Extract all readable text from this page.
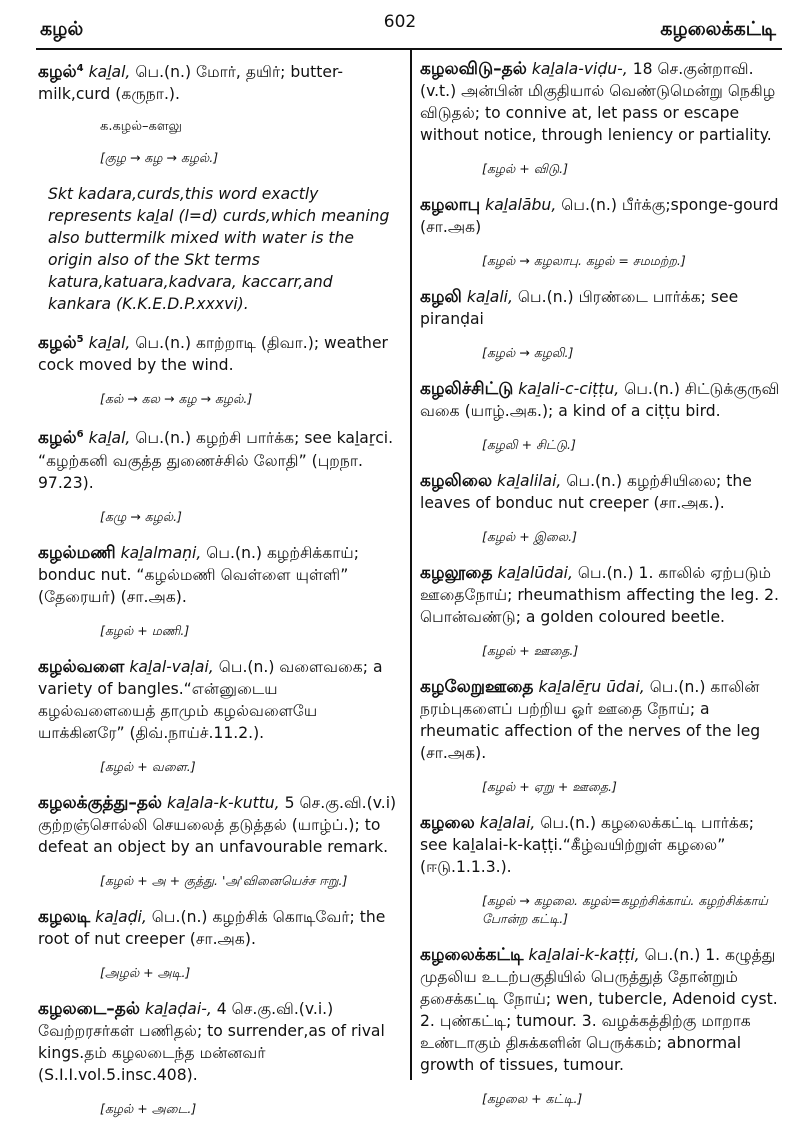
கழல்	602	கழலைக்கட்டி
கழல்$^4$ kaḻal, பெ.(n.) மோர், தயிர்; butter-milk,curd (கருநா.).
க.கழல்–களலு
[குழ → கழ → கழல்.]
Skt kadara,curds,this word exactly represents kaḻal (l=d) curds,which meaning also buttermilk mixed with water is the origin also of the Skt terms katura,katuara,kadvara, kaccarr,and kankara (K.K.E.D.P.xxxvi).
கழல்$^5$ kaḻal, பெ.(n.) காற்றாடி (திவா.); weather cock moved by the wind.
[கல் → கல → கழ → கழல்.]
கழல்$^6$ kaḻal, பெ.(n.) கழற்சி பார்க்க; see kaḻaṟci. “கழற்கனி வகுத்த துணைச்சில் லோதி” (புறநா. 97.23).
[கழு → கழல்.]
கழல்மணி kaḻalmaṇi, பெ.(n.) கழற்சிக்காய்; bonduc nut. “கழல்மணி வெள்ளை யுள்ளி” (தேரையர்) (சா.அக).
[கழல் + மணி.]
கழல்வளை kaḻal-vaḷai, பெ.(n.) வளைவகை; a variety of bangles.“என்னுடைய கழல்வளையைத் தாமும் கழல்வளையே யாக்கினரே” (திவ்.நாய்ச்.11.2.).
[கழல் + வளை.]
கழலக்குத்து–தல் kaḻala-k-kuttu, 5 செ.கு.வி.(v.i) குற்றஞ்சொல்லி செயலைத் தடுத்தல் (யாழ்ப்.); to defeat an object by an unfavourable remark.
[கழல் + அ + குத்து. 'அ'வினையெச்ச ஈறு.]
கழலடி kaḻaḍi, பெ.(n.) கழற்சிக் கொடிவேர்; the root of nut creeper (சா.அக).
[அழல் + அடி.]
கழலடை–தல் kaḻaḍai-, 4 செ.கு.வி.(v.i.) வேற்றரசர்கள் பணிதல்; to surrender,as of rival kings.தம் கழலடைந்த மன்னவர் (S.I.I.vol.5.insc.408).
[கழல் + அடை.]
கழலவிடு–தல் kaḻala-viḍu-, 18 செ.குன்றாவி.(v.t.) அன்பின் மிகுதியால் வெண்டுமென்று நெகிழ விடுதல்; to connive at, let pass or escape without notice, through leniency or partiality.
[கழல் + விடு.]
கழலாபு kaḻalābu, பெ.(n.) பீர்க்கு;sponge-gourd (சா.அக)
[கழல் → கழலாபு. கழல் = சமமற்ற.]
கழலி kaḻali, பெ.(n.) பிரண்டை பார்க்க; see piranḍai
[கழல் → கழலி.]
கழலிச்சிட்டு kaḻali-c-ciṭṭu, பெ.(n.) சிட்டுக்குருவி வகை (யாழ்.அக.); a kind of a ciṭṭu bird.
[கழலி + சிட்டு.]
கழலிலை kaḻalilai, பெ.(n.) கழற்சியிலை; the leaves of bonduc nut creeper (சா.அக.).
[கழல் + இலை.]
கழலூதை kaḻalūdai, பெ.(n.) 1. காலில் ஏற்படும் ஊதைநோய்; rheumathism affecting the leg. 2. பொன்வண்டு; a golden coloured beetle.
[கழல் + ஊதை.]
கழலேறுஊதை kaḻalēṟu ūdai, பெ.(n.) காலின் நரம்புகளைப் பற்றிய ஓர் ஊதை நோய்; a rheumatic affection of the nerves of the leg (சா.அக).
[கழல் + ஏறு + ஊதை.]
கழலை kaḻalai, பெ.(n.) கழலைக்கட்டி பார்க்க; see kaḻalai-k-kaṭṭi.“கீழ்வயிற்றுள் கழலை” (ஈடு.1.1.3.).
[கழல் → கழலை. கழல்=கழற்சிக்காய். கழற்சிக்காய் போன்ற கட்டி.]
கழலைக்கட்டி kaḻalai-k-kaṭṭi, பெ.(n.) 1. கழுத்து முதலிய உடற்பகுதியில் பெருத்துத் தோன்றும் தசைக்கட்டி நோய்; wen, tubercle, Adenoid cyst. 2. புண்கட்டி; tumour. 3. வழக்கத்திற்கு மாறாக உண்டாகும் திசுக்களின் பெருக்கம்; abnormal growth of tissues, tumour.
[கழலை + கட்டி.]
